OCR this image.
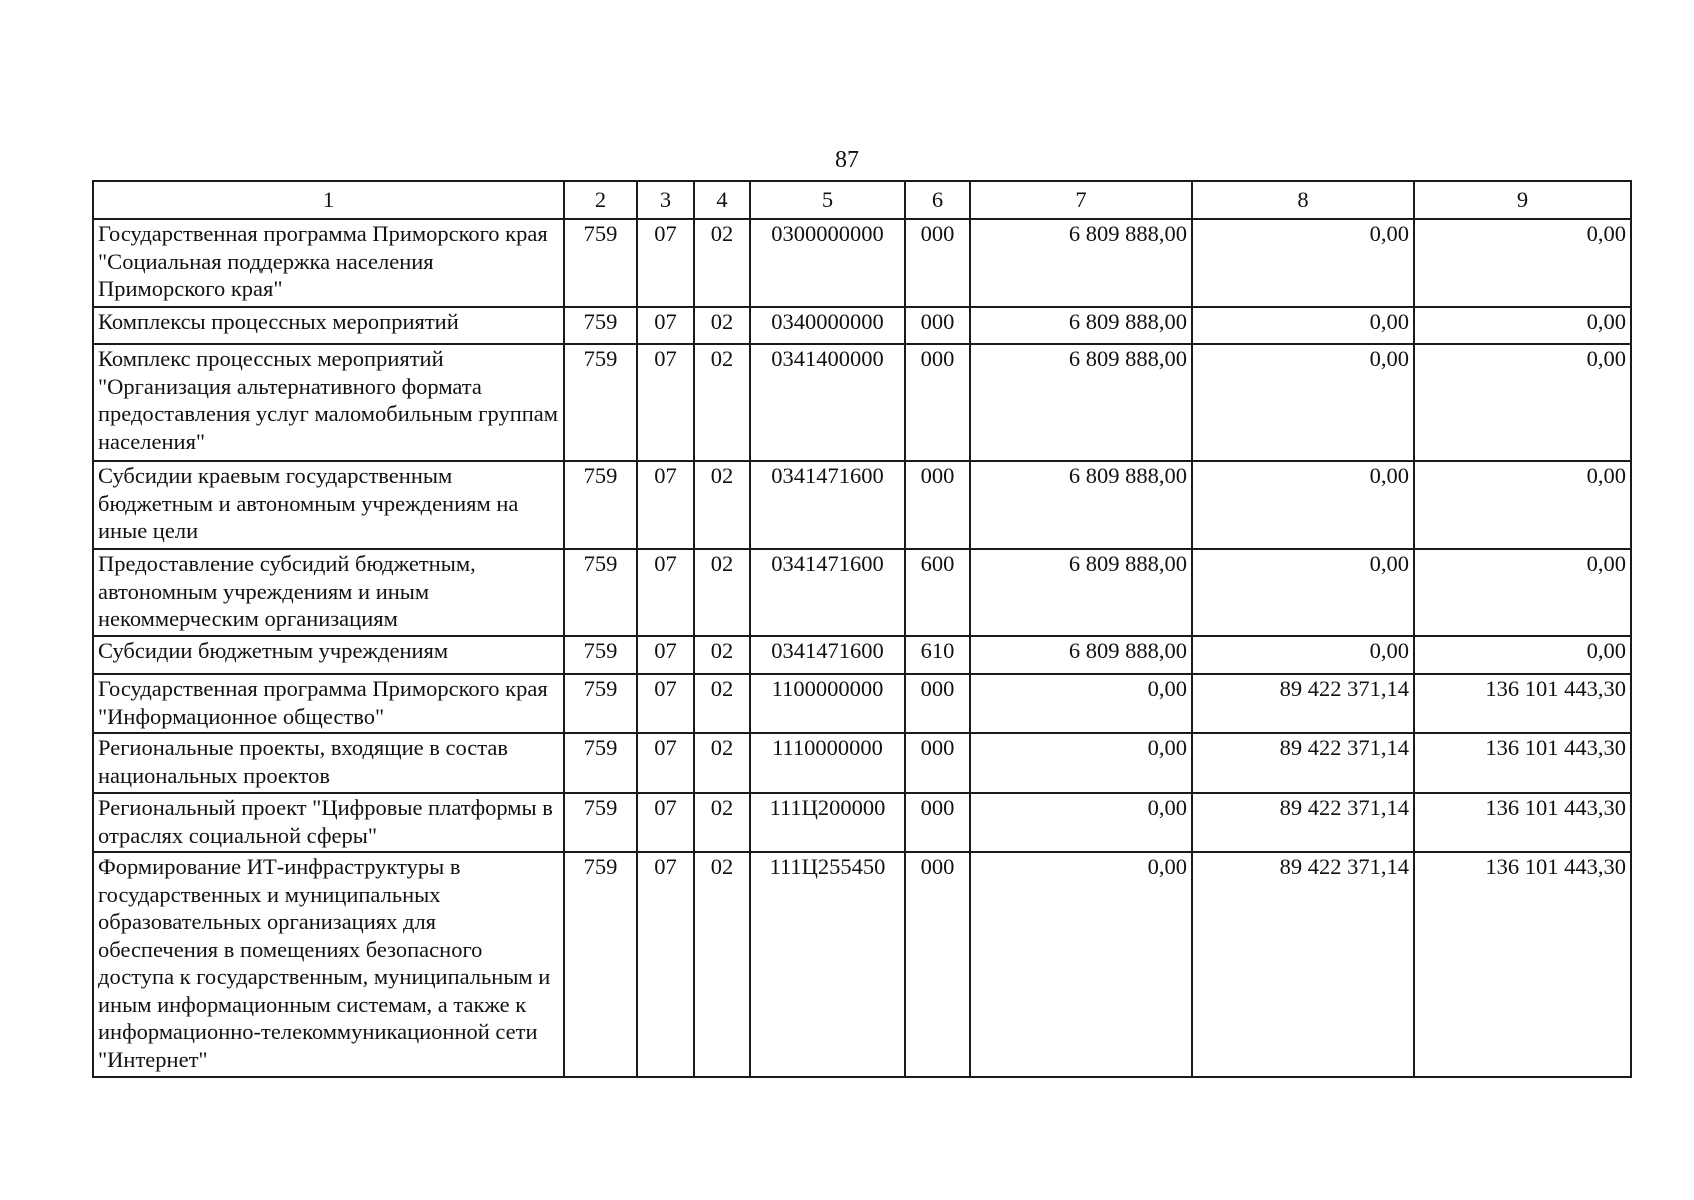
87
1	2	3	4	5	6	7	8	9
Государственная программа Приморского края "Социальная поддержка населения Приморского края"	759	07	02	0300000000	000	6 809 888,00	0,00	0,00
Комплексы процессных мероприятий	759	07	02	0340000000	000	6 809 888,00	0,00	0,00
Комплекс процессных мероприятий "Организация альтернативного формата предоставления услуг маломобильным группам населения"	759	07	02	0341400000	000	6 809 888,00	0,00	0,00
Субсидии краевым государственным бюджетным и автономным учреждениям на иные цели	759	07	02	0341471600	000	6 809 888,00	0,00	0,00
Предоставление субсидий бюджетным, автономным учреждениям и иным некоммерческим организациям	759	07	02	0341471600	600	6 809 888,00	0,00	0,00
Субсидии бюджетным учреждениям	759	07	02	0341471600	610	6 809 888,00	0,00	0,00
Государственная программа Приморского края "Информационное общество"	759	07	02	1100000000	000	0,00	89 422 371,14	136 101 443,30
Региональные проекты, входящие в состав национальных проектов	759	07	02	1110000000	000	0,00	89 422 371,14	136 101 443,30
Региональный проект "Цифровые платформы в отраслях социальной сферы"	759	07	02	111Ц200000	000	0,00	89 422 371,14	136 101 443,30
Формирование ИТ-инфраструктуры в государственных и муниципальных образовательных организациях для обеспечения в помещениях безопасного доступа к государственным, муниципальным и иным информационным системам, а также к информационно-телекоммуникационной сети "Интернет"	759	07	02	111Ц255450	000	0,00	89 422 371,14	136 101 443,30
